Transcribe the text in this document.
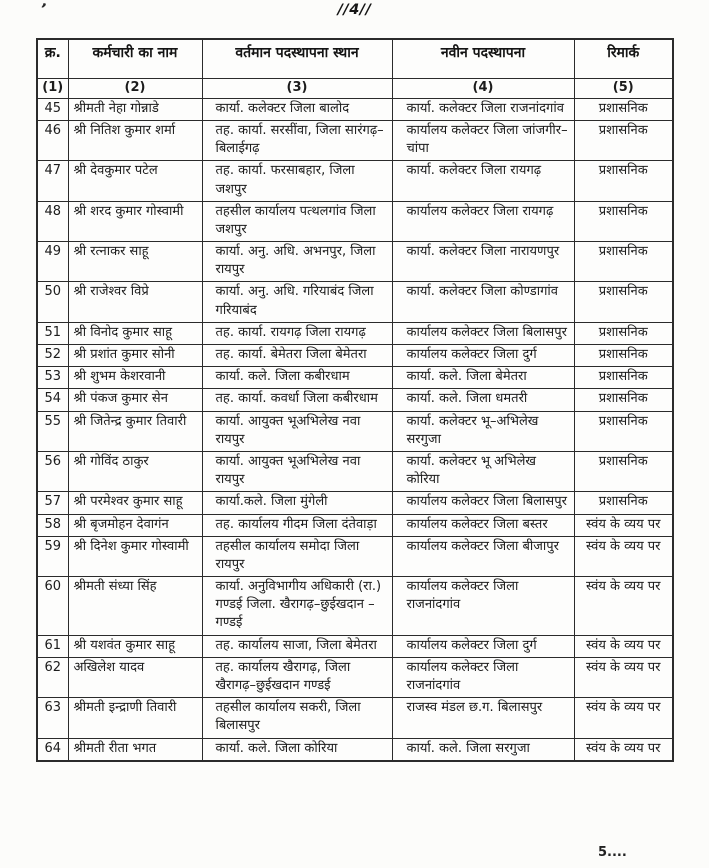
’	//4//
क्र.	कर्मचारी का नाम	वर्तमान पदस्थापना स्थान	नवीन पदस्थापना	रिमार्क
(1)	(2)	(3)	(4)	(5)
45	श्रीमती नेहा गोन्नाडे	कार्या. कलेक्टर जिला बालोद	कार्या. कलेक्टर जिला राजनांदगांव	प्रशासनिक
46	श्री नितिश कुमार शर्मा	तह. कार्या. सरसींवा, जिला सारंगढ़–बिलाईगढ़	कार्यालय कलेक्टर जिला जांजगीर–चांपा	प्रशासनिक
47	श्री देवकुमार पटेल	तह. कार्या. फरसाबहार, जिला जशपुर	कार्या. कलेक्टर जिला रायगढ़	प्रशासनिक
48	श्री शरद कुमार गोस्वामी	तहसील कार्यालय पत्थलगांव जिला जशपुर	कार्यालय कलेक्टर जिला रायगढ़	प्रशासनिक
49	श्री रत्नाकर साहू	कार्या. अनु. अधि. अभनपुर, जिला रायपुर	कार्या. कलेक्टर जिला नारायणपुर	प्रशासनिक
50	श्री राजेश्वर विप्रे	कार्या. अनु. अधि. गरियाबंद जिला गरियाबंद	कार्या. कलेक्टर जिला कोण्डागांव	प्रशासनिक
51	श्री विनोद कुमार साहू	तह. कार्या. रायगढ़ जिला रायगढ़	कार्यालय कलेक्टर जिला बिलासपुर	प्रशासनिक
52	श्री प्रशांत कुमार सोनी	तह. कार्या. बेमेतरा जिला बेमेतरा	कार्यालय कलेक्टर जिला दुर्ग	प्रशासनिक
53	श्री शुभम केशरवानी	कार्या. कले. जिला कबीरधाम	कार्या. कले. जिला बेमेतरा	प्रशासनिक
54	श्री पंकज कुमार सेन	तह. कार्या. कवर्धा जिला कबीरधाम	कार्या. कले. जिला धमतरी	प्रशासनिक
55	श्री जितेन्द्र कुमार तिवारी	कार्या. आयुक्त भूअभिलेख नवा रायपुर	कार्या. कलेक्टर भू–अभिलेख सरगुजा	प्रशासनिक
56	श्री गोविंद ठाकुर	कार्या. आयुक्त भूअभिलेख नवा रायपुर	कार्या. कलेक्टर भू अभिलेख कोरिया	प्रशासनिक
57	श्री परमेश्वर कुमार साहू	कार्या.कले. जिला मुंगेली	कार्यालय कलेक्टर जिला बिलासपुर	प्रशासनिक
58	श्री बृजमोहन देवागंन	तह. कार्यालय गीदम जिला दंतेवाड़ा	कार्यालय कलेक्टर जिला बस्तर	स्वंय के व्यय पर
59	श्री दिनेश कुमार गोस्वामी	तहसील कार्यालय समोदा जिला रायपुर	कार्यालय कलेक्टर जिला बीजापुर	स्वंय के व्यय पर
60	श्रीमती संध्या सिंह	कार्या. अनुविभागीय अधिकारी (रा.) गण्डई जिला. खैरागढ़–छुईखदान –गण्डई	कार्यालय कलेक्टर जिला राजनांदगांव	स्वंय के व्यय पर
61	श्री यशवंत कुमार साहू	तह. कार्यालय साजा, जिला बेमेतरा	कार्यालय कलेक्टर जिला दुर्ग	स्वंय के व्यय पर
62	अखिलेश यादव	तह. कार्यालय खैरागढ़, जिला खैरागढ़–छुईखदान गण्डई	कार्यालय कलेक्टर जिला राजनांदगांव	स्वंय के व्यय पर
63	श्रीमती इन्द्राणी तिवारी	तहसील कार्यालय सकरी, जिला बिलासपुर	राजस्व मंडल छ.ग. बिलासपुर	स्वंय के व्यय पर
64	श्रीमती रीता भगत	कार्या. कले. जिला कोरिया	कार्या. कले. जिला सरगुजा	स्वंय के व्यय पर
5....
